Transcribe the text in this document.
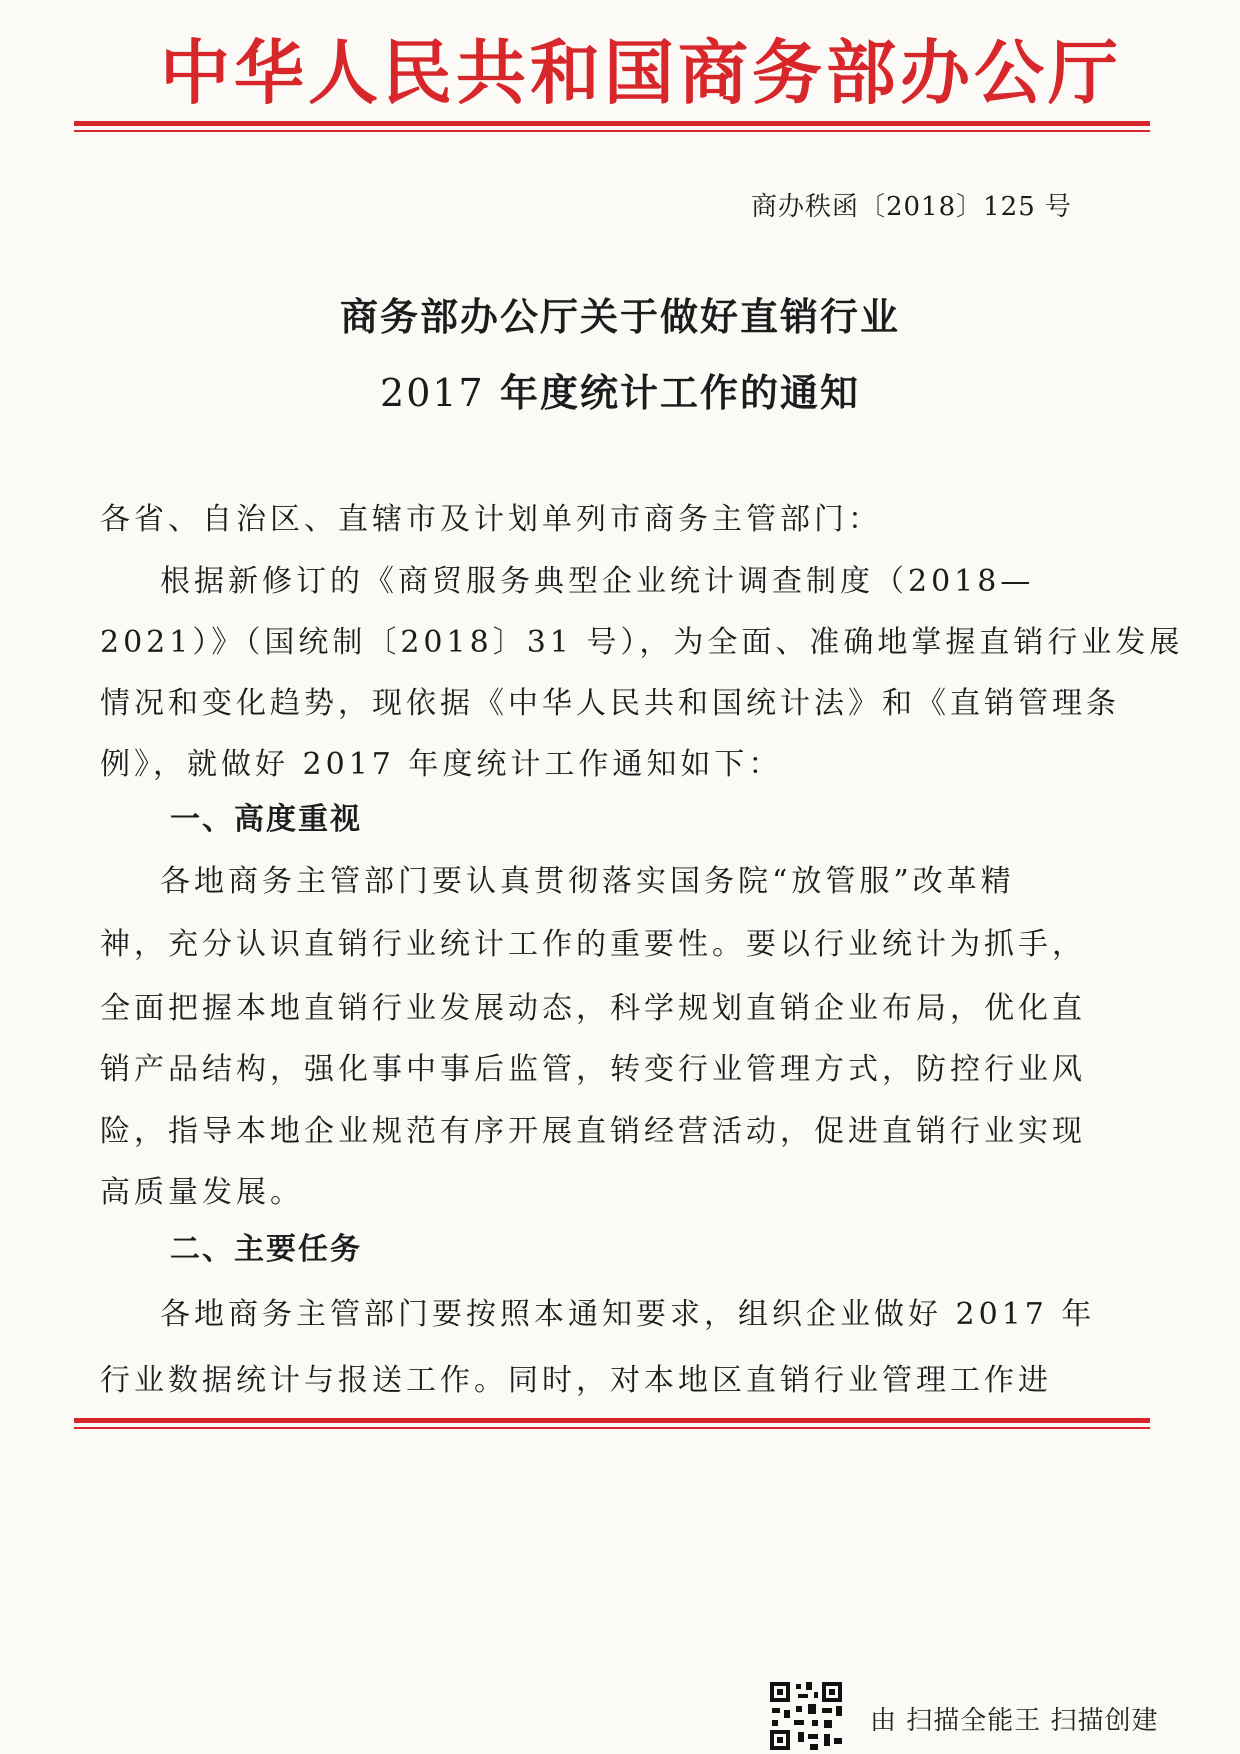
中华人民共和国商务部办公厅
商办秩函〔2018〕125 号
商务部办公厅关于做好直销行业
2017 年度统计工作的通知
各省、自治区、直辖市及计划单列市商务主管部门：
根据新修订的《商贸服务典型企业统计调查制度（2018—
2021）》（国统制〔2018〕31 号），为全面、准确地掌握直销行业发展
情况和变化趋势，现依据《中华人民共和国统计法》和《直销管理条
例》，就做好 2017 年度统计工作通知如下：
一、高度重视
各地商务主管部门要认真贯彻落实国务院“放管服”改革精
神，充分认识直销行业统计工作的重要性。要以行业统计为抓手，
全面把握本地直销行业发展动态，科学规划直销企业布局，优化直
销产品结构，强化事中事后监管，转变行业管理方式，防控行业风
险，指导本地企业规范有序开展直销经营活动，促进直销行业实现
高质量发展。
二、主要任务
各地商务主管部门要按照本通知要求，组织企业做好 2017 年
行业数据统计与报送工作。同时，对本地区直销行业管理工作进
由 扫描全能王 扫描创建
